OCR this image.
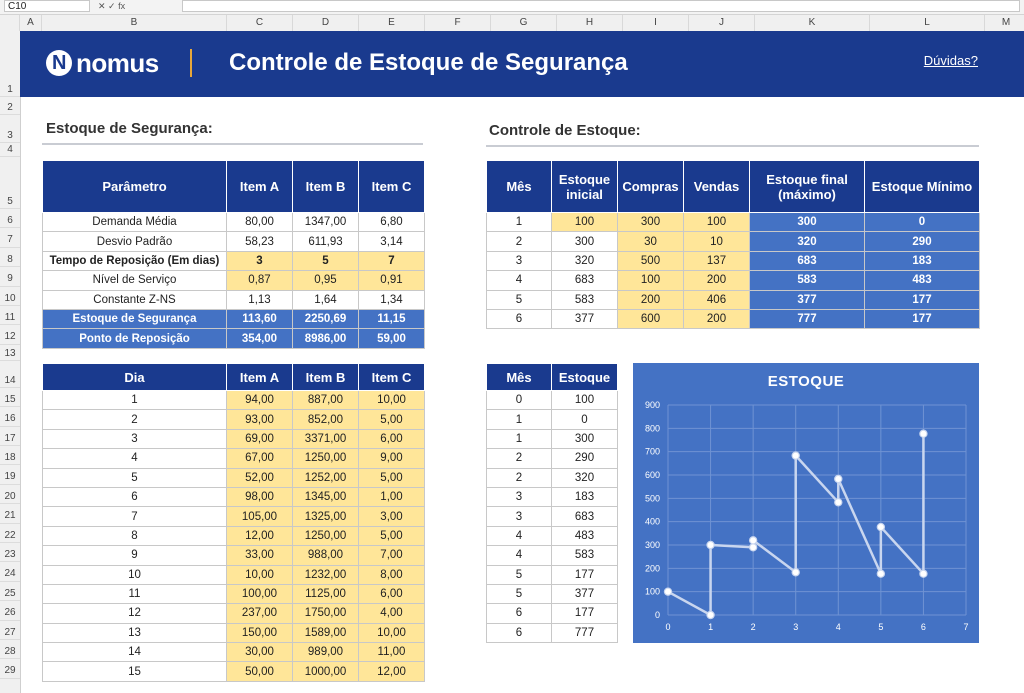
C10	✕ ✓ fx
A	B	C	D	E	F	G	H	I	J	K	L	M
1
2
3
4
5
6
7
8
9
10
11
12
13
14
15
16
17
18
19
20
21
22
23
24
25
26
27
28
29
N nomus	Controle de Estoque de Segurança	Dúvidas?
Estoque de Segurança:	Controle de Estoque:
Parâmetro	Item A	Item B	Item C
Demanda Média	80,00	1347,00	6,80
Desvio Padrão	58,23	611,93	3,14
Tempo de Reposição (Em dias)	3	5	7
Nível de Serviço	0,87	0,95	0,91
Constante Z-NS	1,13	1,64	1,34
Estoque de Segurança	113,60	2250,69	11,15
Ponto de Reposição	354,00	8986,00	59,00
Dia	Item A	Item B	Item C
1	94,00	887,00	10,00
2	93,00	852,00	5,00
3	69,00	3371,00	6,00
4	67,00	1250,00	9,00
5	52,00	1252,00	5,00
6	98,00	1345,00	1,00
7	105,00	1325,00	3,00
8	12,00	1250,00	5,00
9	33,00	988,00	7,00
10	10,00	1232,00	8,00
11	100,00	1125,00	6,00
12	237,00	1750,00	4,00
13	150,00	1589,00	10,00
14	30,00	989,00	11,00
15	50,00	1000,00	12,00
Mês	Estoque inicial	Compras	Vendas	Estoque final (máximo)	Estoque Mínimo
1	100	300	100	300	0
2	300	30	10	320	290
3	320	500	137	683	183
4	683	100	200	583	483
5	583	200	406	377	177
6	377	600	200	777	177
Mês	Estoque
0	100
1	0
1	300
2	290
2	320
3	183
3	683
4	483
4	583
5	177
5	377
6	177
6	777
ESTOQUE
0
100
200
300
400
500
600
700
800
900
0	1	2	3	4	5	6	7
